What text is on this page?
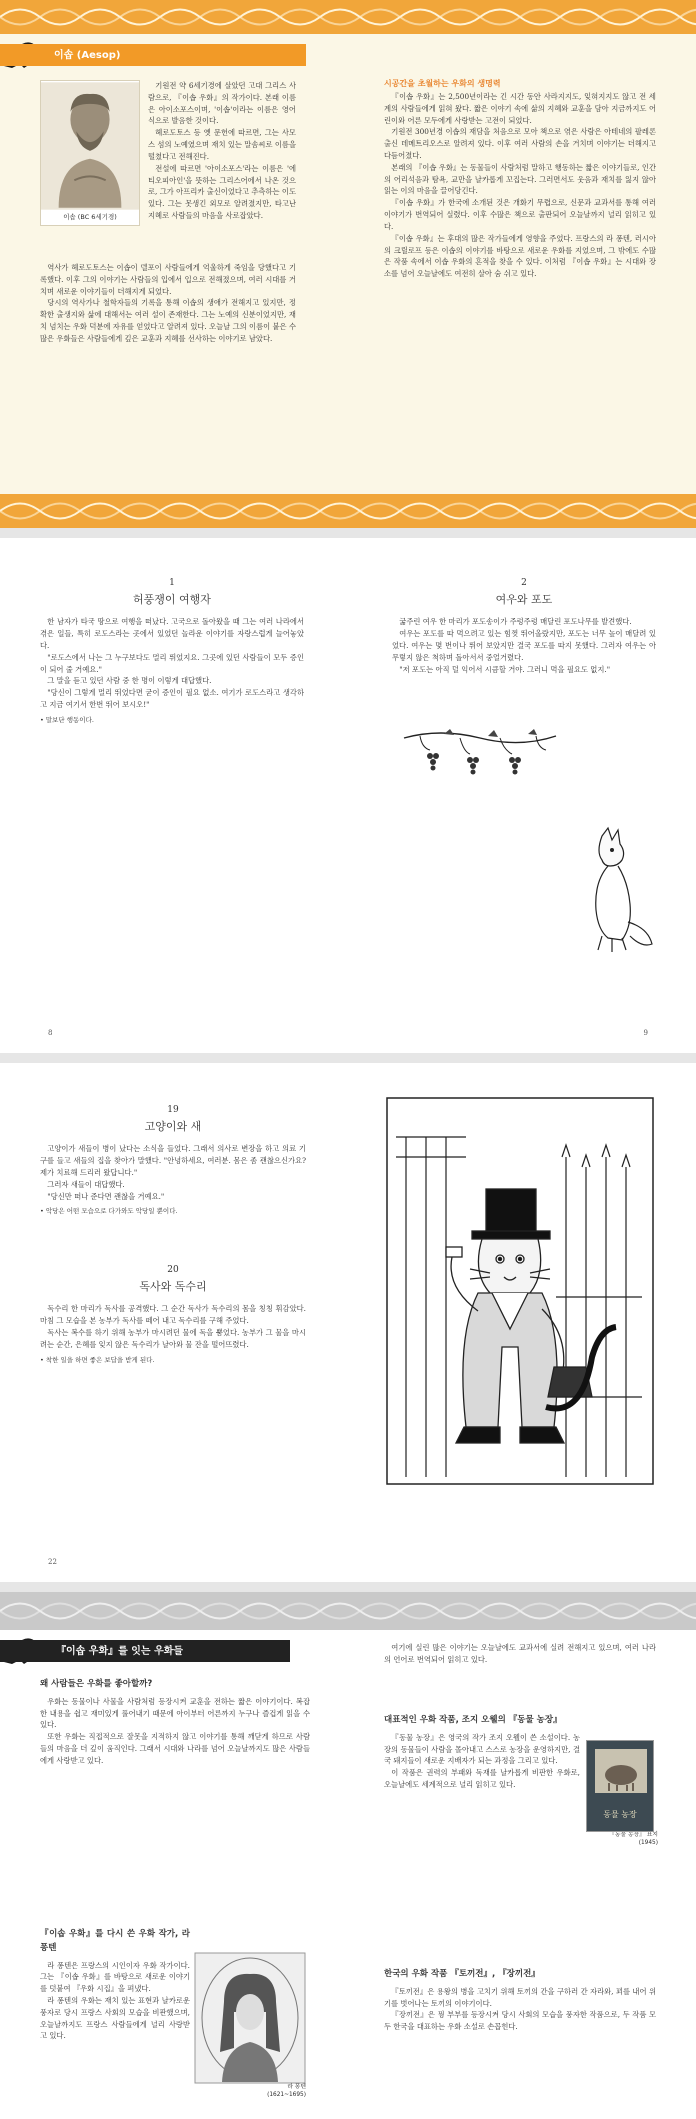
이솝 (Aesop)
이솝 (BC 6세기경)

기원전 약 6세기경에 살았던 고대 그리스 사람으로, 『이솝 우화』의 작가이다. 본래 이름은 아이소포스이며, '이솝'이라는 이름은 영어식으로 발음한 것이다.

헤로도토스 등 옛 문헌에 따르면, 그는 사모스 섬의 노예였으며 재치 있는 말솜씨로 이름을 떨쳤다고 전해진다.

전설에 따르면 '아이소포스'라는 이름은 '에티오피아인'을 뜻하는 그리스어에서 나온 것으로, 그가 아프리카 출신이었다고 추측하는 이도 있다. 그는 못생긴 외모로 알려졌지만, 타고난 지혜로 사람들의 마음을 사로잡았다.

역사가 헤로도토스는 이솝이 델포이 사람들에게 억울하게 죽임을 당했다고 기록했다. 이후 그의 이야기는 사람들의 입에서 입으로 전해졌으며, 여러 시대를 거치며 새로운 이야기들이 더해지게 되었다.

당시의 역사가나 철학자들의 기록을 통해 이솝의 생애가 전해지고 있지만, 정확한 출생지와 삶에 대해서는 여러 설이 존재한다. 그는 노예의 신분이었지만, 재치 넘치는 우화 덕분에 자유를 얻었다고 알려져 있다. 오늘날 그의 이름이 붙은 수많은 우화들은 사람들에게 깊은 교훈과 지혜를 선사하는 이야기로 남았다.

시공간을 초월하는 우화의 생명력

『이솝 우화』는 2,500년이라는 긴 시간 동안 사라지지도, 잊혀지지도 않고 전 세계의 사람들에게 읽혀 왔다. 짧은 이야기 속에 삶의 지혜와 교훈을 담아 지금까지도 어린이와 어른 모두에게 사랑받는 고전이 되었다.

기원전 300년경 이솝의 재담을 처음으로 모아 책으로 엮은 사람은 아테네의 팔레론 출신 데메트리오스로 알려져 있다. 이후 여러 사람의 손을 거치며 이야기는 더해지고 다듬어졌다.

본래의 『이솝 우화』는 동물들이 사람처럼 말하고 행동하는 짧은 이야기들로, 인간의 어리석음과 탐욕, 교만을 날카롭게 꼬집는다. 그러면서도 웃음과 재치를 잃지 않아 읽는 이의 마음을 끌어당긴다.

『이솝 우화』가 한국에 소개된 것은 개화기 무렵으로, 신문과 교과서를 통해 여러 이야기가 번역되어 실렸다. 이후 수많은 책으로 출판되어 오늘날까지 널리 읽히고 있다.

『이솝 우화』는 후대의 많은 작가들에게 영향을 주었다. 프랑스의 라 퐁텐, 러시아의 크릴로프 등은 이솝의 이야기를 바탕으로 새로운 우화를 지었으며, 그 밖에도 수많은 작품 속에서 이솝 우화의 흔적을 찾을 수 있다. 이처럼 『이솝 우화』는 시대와 장소를 넘어 오늘날에도 여전히 살아 숨 쉬고 있다.

1
허풍쟁이 여행자

한 남자가 타국 땅으로 여행을 떠났다. 고국으로 돌아왔을 때 그는 여러 나라에서 겪은 일들, 특히 로도스라는 곳에서 있었던 놀라운 이야기를 자랑스럽게 늘어놓았다.

"로도스에서 나는 그 누구보다도 멀리 뛰었지요. 그곳에 있던 사람들이 모두 증인이 되어 줄 거예요."

그 말을 듣고 있던 사람 중 한 명이 이렇게 대답했다.

"당신이 그렇게 멀리 뛰었다면 굳이 증인이 필요 없소. 여기가 로도스라고 생각하고 지금 여기서 한번 뛰어 보시오!"

• 말보단 행동이다.
8
2
여우와 포도

굶주린 여우 한 마리가 포도송이가 주렁주렁 매달린 포도나무를 발견했다.

여우는 포도를 따 먹으려고 있는 힘껏 뛰어올랐지만, 포도는 너무 높이 매달려 있었다. 여우는 몇 번이나 뛰어 보았지만 결국 포도를 따지 못했다. 그러자 여우는 아무렇지 않은 척하며 돌아서서 중얼거렸다.

"저 포도는 아직 덜 익어서 시큼할 거야. 그러니 먹을 필요도 없지."

9
19
고양이와 새

고양이가 새들이 병이 났다는 소식을 들었다. 그래서 의사로 변장을 하고 의료 기구를 들고 새들의 집을 찾아가 말했다. "안녕하세요, 여러분. 몸은 좀 괜찮으신가요? 제가 치료해 드리러 왔답니다."

그러자 새들이 대답했다.

"당신만 떠나 준다면 괜찮을 거예요."

• 악당은 어떤 모습으로 다가와도 악당일 뿐이다.
20
독사와 독수리

독수리 한 마리가 독사를 공격했다. 그 순간 독사가 독수리의 몸을 칭칭 휘감았다. 마침 그 모습을 본 농부가 독사를 떼어 내고 독수리를 구해 주었다.

독사는 복수를 하기 위해 농부가 마시려던 물에 독을 뿜었다. 농부가 그 물을 마시려는 순간, 은혜를 잊지 않은 독수리가 날아와 물 잔을 떨어뜨렸다.

• 착한 일을 하면 좋은 보답을 받게 된다.
22
『이솝 우화』를 잇는 우화들
왜 사람들은 우화를 좋아할까?

우화는 동물이나 사물을 사람처럼 등장시켜 교훈을 전하는 짧은 이야기이다. 복잡한 내용을 쉽고 재미있게 풀어내기 때문에 아이부터 어른까지 누구나 즐겁게 읽을 수 있다.

또한 우화는 직접적으로 잘못을 지적하지 않고 이야기를 통해 깨닫게 하므로 사람들의 마음을 더 깊이 움직인다. 그래서 시대와 나라를 넘어 오늘날까지도 많은 사람들에게 사랑받고 있다.

『이솝 우화』를 다시 쓴 우화 작가, 라 퐁텐

라 퐁텐은 프랑스의 시인이자 우화 작가이다. 그는 『이솝 우화』를 바탕으로 새로운 이야기를 덧붙여 『우화 시집』을 펴냈다.

라 퐁텐의 우화는 재치 있는 표현과 날카로운 풍자로 당시 프랑스 사회의 모습을 비판했으며, 오늘날까지도 프랑스 사람들에게 널리 사랑받고 있다.

라 퐁텐
(1621~1695)

여기에 실린 많은 이야기는 오늘날에도 교과서에 실려 전해지고 있으며, 여러 나라의 언어로 번역되어 읽히고 있다.

대표적인 우화 작품, 조지 오웰의 『동물 농장』

『동물 농장』은 영국의 작가 조지 오웰이 쓴 소설이다. 농장의 동물들이 사람을 몰아내고 스스로 농장을 운영하지만, 결국 돼지들이 새로운 지배자가 되는 과정을 그리고 있다.

이 작품은 권력의 부패와 독재를 날카롭게 비판한 우화로, 오늘날에도 세계적으로 널리 읽히고 있다.

동물 농장
『동물 농장』 표지
(1945)
한국의 우화 작품 『토끼전』, 『장끼전』

『토끼전』은 용왕의 병을 고치기 위해 토끼의 간을 구하러 간 자라와, 꾀를 내어 위기를 벗어나는 토끼의 이야기이다.

『장끼전』은 꿩 부부를 등장시켜 당시 사회의 모습을 풍자한 작품으로, 두 작품 모두 한국을 대표하는 우화 소설로 손꼽힌다.
